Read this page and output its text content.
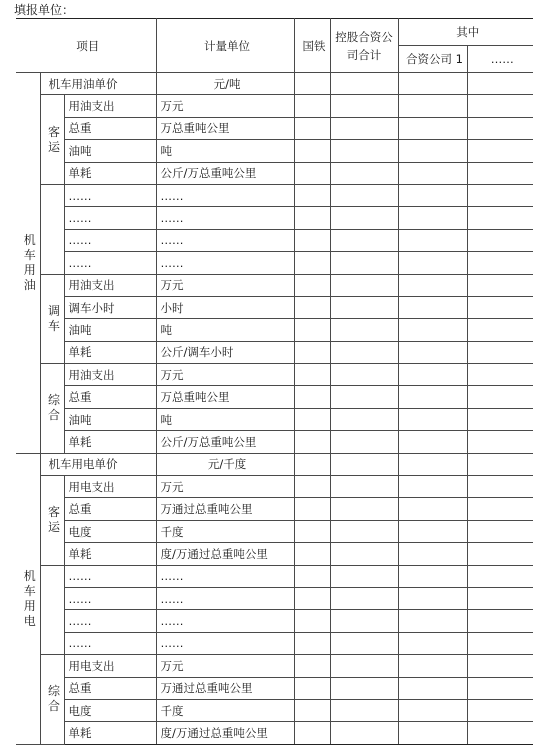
填报单位：
项目			计量单位	国铁	控股合资公司合计	其中	
						合资公司 1	……
机车用油	机车用油单价		元/吨				
	客运	用油支出	万元				
		总重	万总重吨公里				
		油吨	吨				
		单耗	公斤/万总重吨公里				
		……	……				
		……	……				
		……	……				
		……	……				
	调车	用油支出	万元				
		调车小时	小时				
		油吨	吨				
		单耗	公斤/调车小时				
	综合	用油支出	万元				
		总重	万总重吨公里				
		油吨	吨				
		单耗	公斤/万总重吨公里				
机车用电	机车用电单价		元/千度				
	客运	用电支出	万元				
		总重	万通过总重吨公里				
		电度	千度				
		单耗	度/万通过总重吨公里				
		……	……				
		……	……				
		……	……				
		……	……				
	综合	用电支出	万元				
		总重	万通过总重吨公里				
		电度	千度				
		单耗	度/万通过总重吨公里				
